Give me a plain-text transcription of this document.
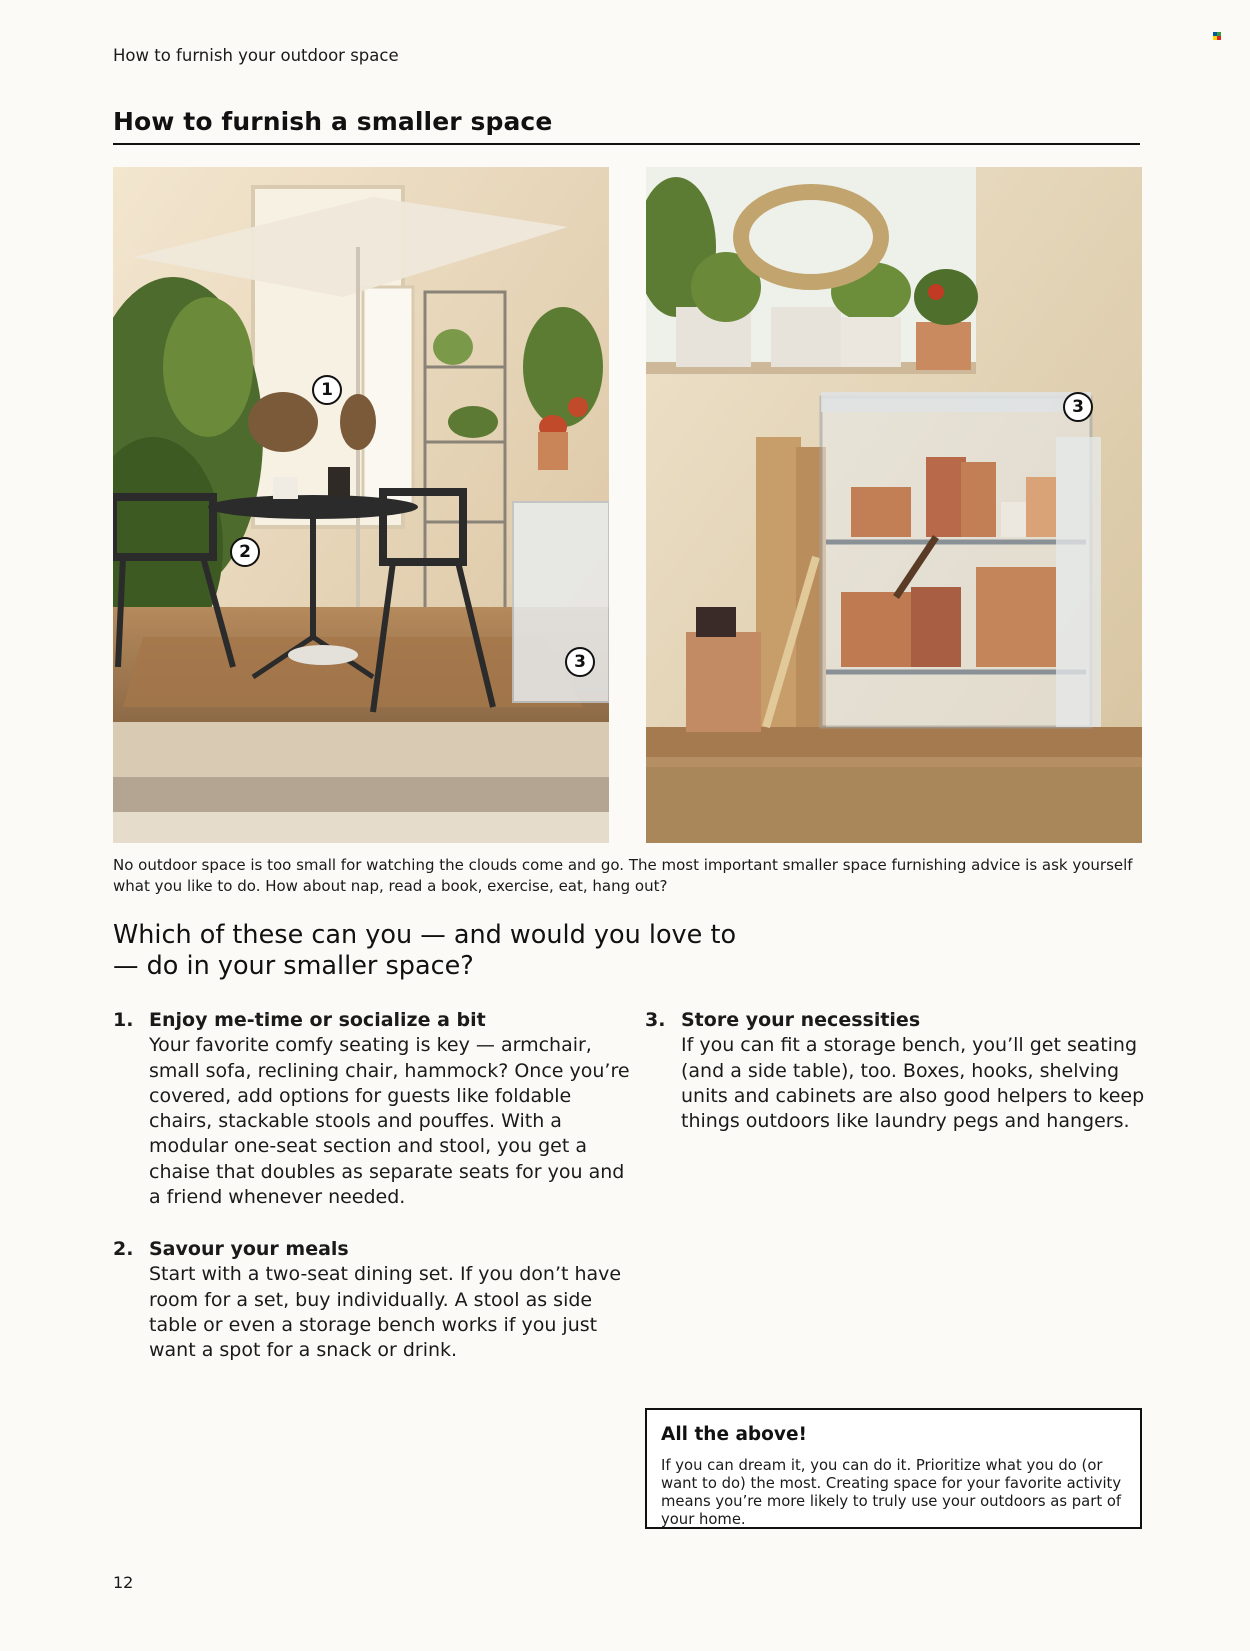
How to furnish your outdoor space
How to furnish a smaller space
1
2
3
3
No outdoor space is too small for watching the clouds come and go. The most important smaller space furnishing advice is ask yourself what you like to do. How about nap, read a book, exercise, eat, hang out?
Which of these can you — and would you love to — do in your smaller space?
1. Enjoy me-time or socialize a bit
Your favorite comfy seating is key — armchair, small sofa, reclining chair, hammock? Once you’re covered, add options for guests like foldable chairs, stackable stools and pouffes. With a modular one-seat section and stool, you get a chaise that doubles as separate seats for you and a friend whenever needed.
2. Savour your meals
Start with a two-seat dining set. If you don’t have room for a set, buy individually. A stool as side table or even a storage bench works if you just want a spot for a snack or drink.
3. Store your necessities
If you can fit a storage bench, you’ll get seating (and a side table), too. Boxes, hooks, shelving units and cabinets are also good helpers to keep things outdoors like laundry pegs and hangers.
All the above!
If you can dream it, you can do it. Prioritize what you do (or want to do) the most. Creating space for your favorite activity means you’re more likely to truly use your outdoors as part of your home.
12
